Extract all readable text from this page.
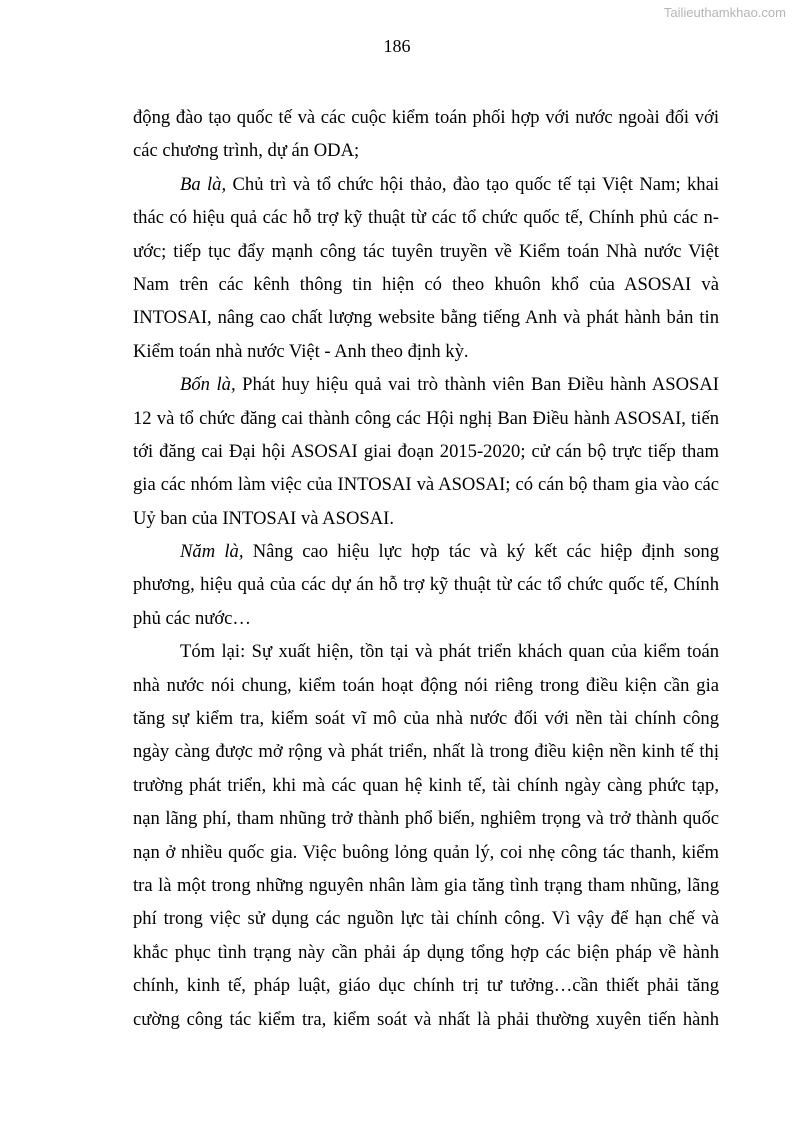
Tailieuthamkhao.com
186
động đào tạo quốc tế và các cuộc kiểm toán phối hợp với nước ngoài đối với
các chương trình, dự án ODA;
Ba là, Chủ trì và tổ chức hội thảo, đào tạo quốc tế tại Việt Nam; khai
thác có hiệu quả các hỗ trợ kỹ thuật từ các tổ chức quốc tế, Chính phủ các n-
ước; tiếp tục đẩy mạnh công tác tuyên truyền về Kiểm toán Nhà nước Việt
Nam trên các kênh thông tin hiện có theo khuôn khổ của ASOSAI và
INTOSAI, nâng cao chất lượng website bằng tiếng Anh và phát hành bản tin
Kiểm toán nhà nước Việt - Anh theo định kỳ.
Bốn là, Phát huy hiệu quả vai trò thành viên Ban Điều hành ASOSAI
12 và tổ chức đăng cai thành công các Hội nghị Ban Điều hành ASOSAI, tiến
tới đăng cai Đại hội ASOSAI giai đoạn 2015-2020; cử cán bộ trực tiếp tham
gia các nhóm làm việc của INTOSAI và ASOSAI; có cán bộ tham gia vào các
Uỷ ban của INTOSAI và ASOSAI.
Năm là, Nâng cao hiệu lực hợp tác và ký kết các hiệp định song
phương, hiệu quả của các dự án hỗ trợ kỹ thuật từ các tổ chức quốc tế, Chính
phủ các nước…
Tóm lại: Sự xuất hiện, tồn tại và phát triển khách quan của kiểm toán
nhà nước nói chung, kiểm toán hoạt động nói riêng trong điều kiện cần gia
tăng sự kiểm tra, kiểm soát vĩ mô của nhà nước đối với nền tài chính công
ngày càng được mở rộng và phát triển, nhất là trong điều kiện nền kinh tế thị
trường phát triển, khi mà các quan hệ kinh tế, tài chính ngày càng phức tạp,
nạn lãng phí, tham nhũng trở thành phổ biến, nghiêm trọng và trở thành quốc
nạn ở nhiều quốc gia. Việc buông lỏng quản lý, coi nhẹ công tác thanh, kiểm
tra là một trong những nguyên nhân làm gia tăng tình trạng tham nhũng, lãng
phí trong việc sử dụng các nguồn lực tài chính công. Vì vậy để hạn chế và
khắc phục tình trạng này cần phải áp dụng tổng hợp các biện pháp về hành
chính, kinh tế, pháp luật, giáo dục chính trị tư tưởng…cần thiết phải tăng
cường công tác kiểm tra, kiểm soát và nhất là phải thường xuyên tiến hành
